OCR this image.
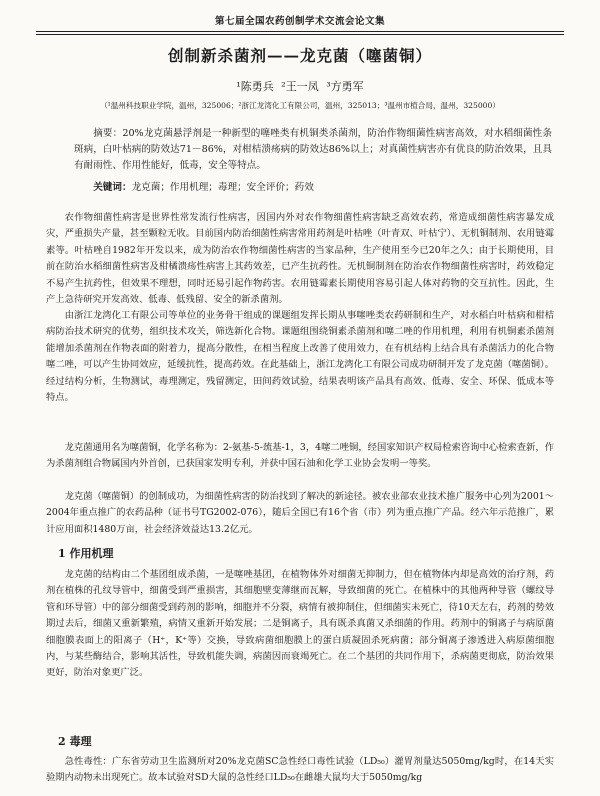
第七届全国农药创制学术交流会论文集
创制新杀菌剂——龙克菌（噻菌铜）
¹陈勇兵 ²王一凤 ³方勇军
（¹温州科技职业学院，温州，325006；²浙江龙湾化工有限公司，温州，325013；³温州市植合局，温州，325000）

摘要：20%龙克菌悬浮剂是一种新型的噻唑类有机铜类杀菌剂，防治作物细菌性病害高效，对水稻细菌性条斑病，白叶枯病的防效达71－86%，对柑桔溃疡病的防效达86%以上；对真菌性病害亦有优良的防治效果，且具有耐雨性、作用性能好，低毒，安全等特点。

关键词：龙克菌；作用机理；毒理；安全评价；药效

农作物细菌性病害是世界性常发流行性病害，因国内外对农作物细菌性病害缺乏高效农药，常造成细菌性病害暴发成灾，严重损失产量，甚至颗粒无收。目前国内防治细菌性病害常用药剂是叶枯唑（叶青双、叶枯宁）、无机铜制剂、农用链霉素等。叶枯唑自1982年开发以来，成为防治农作物细菌性病害的当家品种，生产使用至今已20年之久；由于长期使用，目前在防治水稻细菌性病害及柑橘溃疡性病害上其药效差，已产生抗药性。无机铜制剂在防治农作物细菌性病害时，药效稳定不易产生抗药性，但效果不理想，同时还易引起作物药害。农用链霉素长期使用容易引起人体对药物的交互抗性。因此，生产上急待研究开发高效、低毒、低残留、安全的新杀菌剂。

由浙江龙湾化工有限公司等单位的业务骨干组成的课题组发挥长期从事噻唑类农药研制和生产，对水稻白叶枯病和柑桔病防治技术研究的优势，组织技术攻关，筛选新化合物。课题组围绕铜素杀菌剂和噻二唑的作用机理，利用有机铜素杀菌剂能增加杀菌剂在作物表面的附着力，提高分散性，在相当程度上改善了使用效力，在有机结构上结合具有杀菌活力的化合物噻二唑，可以产生协同效应，延缓抗性，提高药效。在此基础上，浙江龙湾化工有限公司成功研制开发了龙克菌（噻菌铜）。经过结构分析，生物测试，毒理测定，残留测定，田间药效试验，结果表明该产品具有高效、低毒、安全、环保、低成本等特点。

龙克菌通用名为噻菌铜，化学名称为：2-氨基-5-巯基-1，3，4噻二唑铜，经国家知识产权局检索咨询中心检索查新，作为杀菌剂组合物属国内外首创，已获国家发明专利，并获中国石油和化学工业协会发明一等奖。

龙克菌（噻菌铜）的创制成功，为细菌性病害的防治找到了解决的新途径。被农业部农业技术推广服务中心列为2001～2004年重点推广的农药品种（证书号TG2002-076），随后全国已有16个省（市）列为重点推广产品。经六年示范推广，累计应用面积1480万亩，社会经济效益达13.2亿元。

1 作用机理

龙克菌的结构由二个基团组成杀菌，一是噻唑基团，在植物体外对细菌无抑制力，但在植物体内却是高效的治疗剂，药剂在植株的孔纹导管中，细菌受到严重损害，其细胞壁变薄继而瓦解，导致细菌的死亡。在植株中的其他两种导管（螺纹导管和环导管）中的部分细菌受到药剂的影响，细胞并不分裂，病情有被抑制住，但细菌实未死亡，待10天左右，药剂的势效期过去后，细菌又重新繁殖，病情又重新开始发展；二是铜离子，具有既杀真菌又杀细菌的作用。药剂中的铜离子与病原菌细胞膜表面上的阳离子（H⁺，K⁺等）交换，导致病菌细胞膜上的蛋白质凝固杀死病菌；部分铜离子渗透进入病原菌细胞内，与某些酶结合，影响其活性，导致机能失调，病菌因而衰竭死亡。在二个基团的共同作用下，杀病菌更彻底，防治效果更好，防治对象更广泛。

2 毒理

急性毒性：广东省劳动卫生监测所对20%龙克菌SC急性经口毒性试验（LD₅₀）灌胃剂量达5050mg/kg时，在14天实验期内动物未出现死亡。故本试验对SD大鼠的急性经口LD₅₀在雌雄大鼠均大于5050mg/kg
